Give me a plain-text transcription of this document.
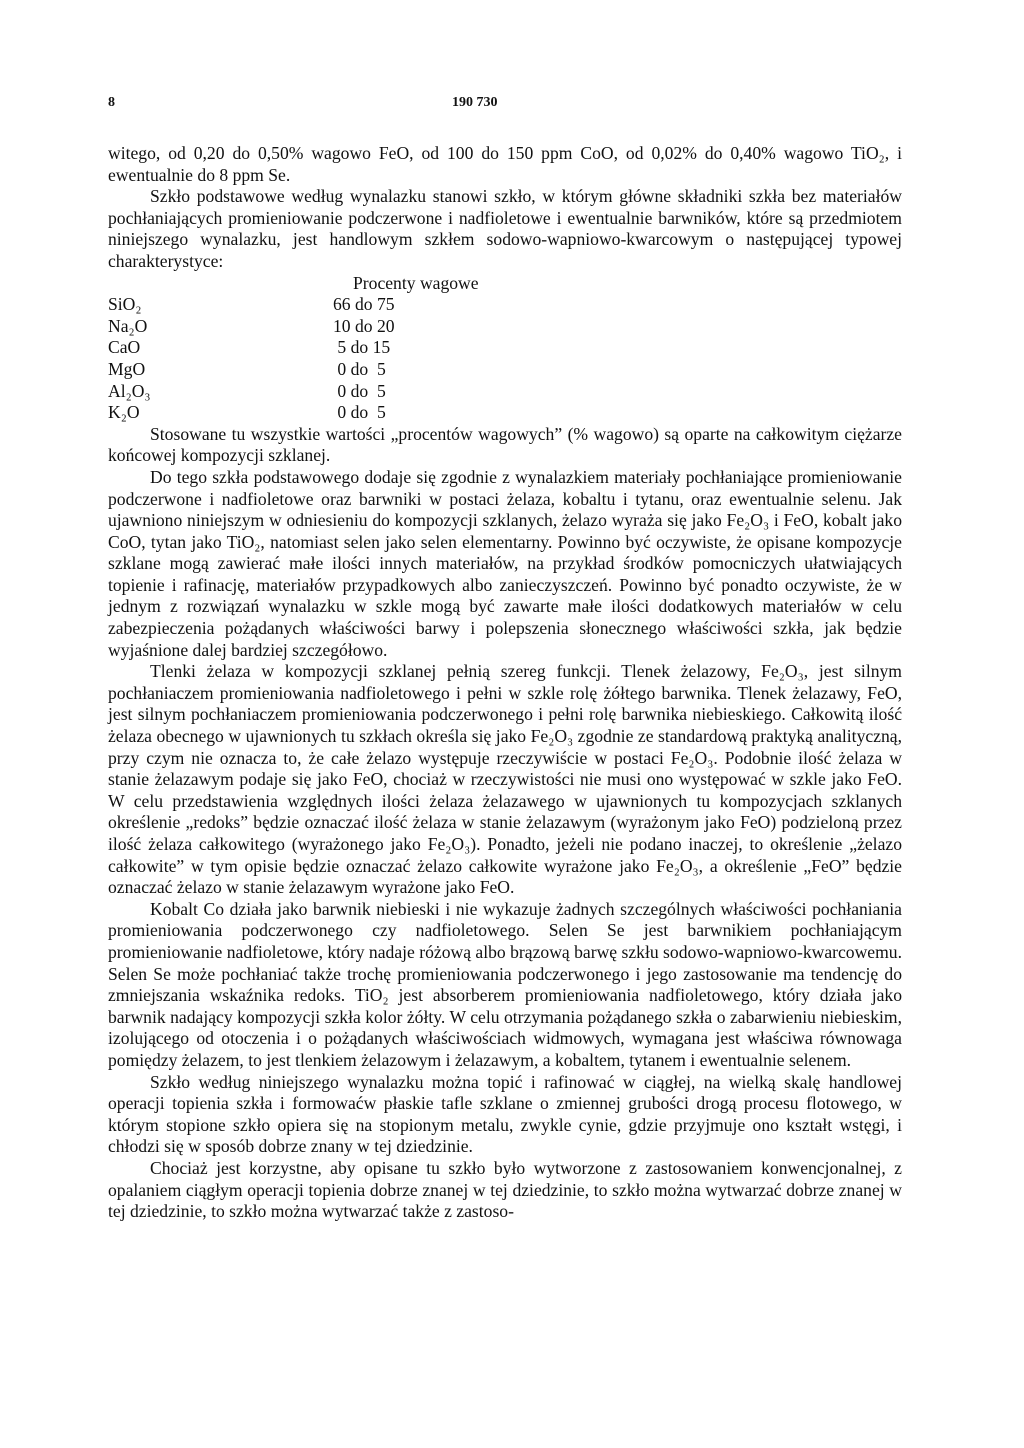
8	190 730

witego, od 0,20 do 0,50% wagowo FeO, od 100 do 150 ppm CoO, od 0,02% do 0,40% wagowo TiO₂, i ewentualnie do 8 ppm Se.

Szkło podstawowe według wynalazku stanowi szkło, w którym główne składniki szkła bez materiałów pochłaniających promieniowanie podczerwone i nadfioletowe i ewentualnie barwników, które są przedmiotem niniejszego wynalazku, jest handlowym szkłem sodowo-wapniowo-kwarcowym o następującej typowej charakterystyce:

Procenty wagowe

SiO₂	66 do 75
Na₂O	10 do 20
CaO	5 do 15
MgO	0 do  5
Al₂O₃	0 do  5
K₂O	0 do  5

Stosowane tu wszystkie wartości „procentów wagowych” (% wagowo) są oparte na całkowitym ciężarze końcowej kompozycji szklanej.

Do tego szkła podstawowego dodaje się zgodnie z wynalazkiem materiały pochłaniające promieniowanie podczerwone i nadfioletowe oraz barwniki w postaci żelaza, kobaltu i tytanu, oraz ewentualnie selenu. Jak ujawniono niniejszym w odniesieniu do kompozycji szklanych, żelazo wyraża się jako Fe₂O₃ i FeO, kobalt jako CoO, tytan jako TiO₂, natomiast selen jako selen elementarny. Powinno być oczywiste, że opisane kompozycje szklane mogą zawierać małe ilości innych materiałów, na przykład środków pomocniczych ułatwiających topienie i rafinację, materiałów przypadkowych albo zanieczyszczeń. Powinno być ponadto oczywiste, że w jednym z rozwiązań wynalazku w szkle mogą być zawarte małe ilości dodatkowych materiałów w celu zabezpieczenia pożądanych właściwości barwy i polepszenia słonecznego właściwości szkła, jak będzie wyjaśnione dalej bardziej szczegółowo.

Tlenki żelaza w kompozycji szklanej pełnią szereg funkcji. Tlenek żelazowy, Fe₂O₃, jest silnym pochłaniaczem promieniowania nadfioletowego i pełni w szkle rolę żółtego barwnika. Tlenek żelazawy, FeO, jest silnym pochłaniaczem promieniowania podczerwonego i pełni rolę barwnika niebieskiego. Całkowitą ilość żelaza obecnego w ujawnionych tu szkłach określa się jako Fe₂O₃ zgodnie ze standardową praktyką analityczną, przy czym nie oznacza to, że całe żelazo występuje rzeczywiście w postaci Fe₂O₃. Podobnie ilość żelaza w stanie żelazawym podaje się jako FeO, chociaż w rzeczywistości nie musi ono występować w szkle jako FeO. W celu przedstawienia względnych ilości żelaza żelazawego w ujawnionych tu kompozycjach szklanych określenie „redoks” będzie oznaczać ilość żelaza w stanie żelazawym (wyrażonym jako FeO) podzieloną przez ilość żelaza całkowitego (wyrażonego jako Fe₂O₃). Ponadto, jeżeli nie podano inaczej, to określenie „żelazo całkowite” w tym opisie będzie oznaczać żelazo całkowite wyrażone jako Fe₂O₃, a określenie „FeO” będzie oznaczać żelazo w stanie żelazawym wyrażone jako FeO.

Kobalt Co działa jako barwnik niebieski i nie wykazuje żadnych szczególnych właściwości pochłaniania promieniowania podczerwonego czy nadfioletowego. Selen Se jest barwnikiem pochłaniającym promieniowanie nadfioletowe, który nadaje różową albo brązową barwę szkłu sodowo-wapniowo-kwarcowemu. Selen Se może pochłaniać także trochę promieniowania podczerwonego i jego zastosowanie ma tendencję do zmniejszania wskaźnika redoks. TiO₂ jest absorberem promieniowania nadfioletowego, który działa jako barwnik nadający kompozycji szkła kolor żółty. W celu otrzymania pożądanego szkła o zabarwieniu niebieskim, izolującego od otoczenia i o pożądanych właściwościach widmowych, wymagana jest właściwa równowaga pomiędzy żelazem, to jest tlenkiem żelazowym i żelazawym, a kobaltem, tytanem i ewentualnie selenem.

Szkło według niniejszego wynalazku można topić i rafinować w ciągłej, na wielką skalę handlowej operacji topienia szkła i formowaćw płaskie tafle szklane o zmiennej grubości drogą procesu flotowego, w którym stopione szkło opiera się na stopionym metalu, zwykle cynie, gdzie przyjmuje ono kształt wstęgi, i chłodzi się w sposób dobrze znany w tej dziedzinie.

Chociaż jest korzystne, aby opisane tu szkło było wytworzone z zastosowaniem konwencjonalnej, z opalaniem ciągłym operacji topienia dobrze znanej w tej dziedzinie, to szkło można wytwarzać dobrze znanej w tej dziedzinie, to szkło można wytwarzać także z zastoso-
